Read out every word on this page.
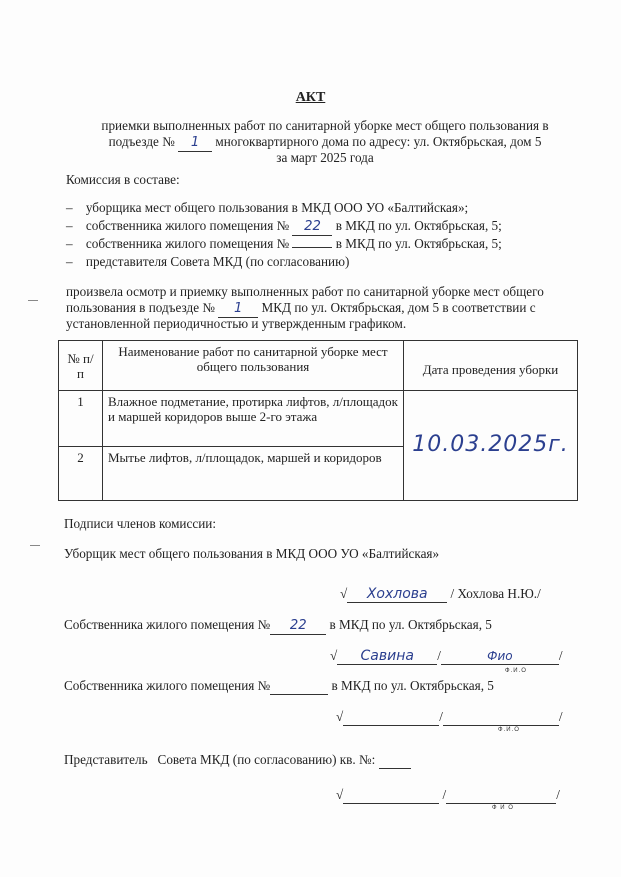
АКТ
приемки выполненных работ по санитарной уборке мест общего пользования в
подъезде № 1 многоквартирного дома по адресу: ул. Октябрьская, дом 5
за март 2025 года
Комиссия в составе:
– уборщика мест общего пользования в МКД ООО УО «Балтийская»;
– собственника жилого помещения № 22 в МКД по ул. Октябрьская, 5;
– собственника жилого помещения №	в МКД по ул. Октябрьская, 5;
– представителя Совета МКД (по согласованию)
произвела осмотр и приемку выполненных работ по санитарной уборке мест общего
пользования в подъезде № 1 МКД по ул. Октябрьская, дом 5 в соответствии с
установленной периодичностью и утвержденным графиком.
№ п/п	Наименование работ по санитарной уборке мест общего пользования	Дата проведения уборки
1	Влажное подметание, протирка лифтов, л/площадок и маршей коридоров выше 2-го этажа	10.03.2025г.
2	Мытье лифтов, л/площадок, маршей и коридоров	
Подписи членов комиссии:
Уборщик мест общего пользования в МКД ООО УО «Балтийская»
√ Хохлова / Хохлова Н.Ю./
Собственника жилого помещения № 22 в МКД по ул. Октябрьская, 5
√ Савина /	Фио	/
Ф.И.О
Собственника жилого помещения №	в МКД по ул. Октябрьская, 5
√	/	/
Ф.И.О
Представитель   Совета МКД (по согласованию) кв. №:
√	/	/
Ф И О
